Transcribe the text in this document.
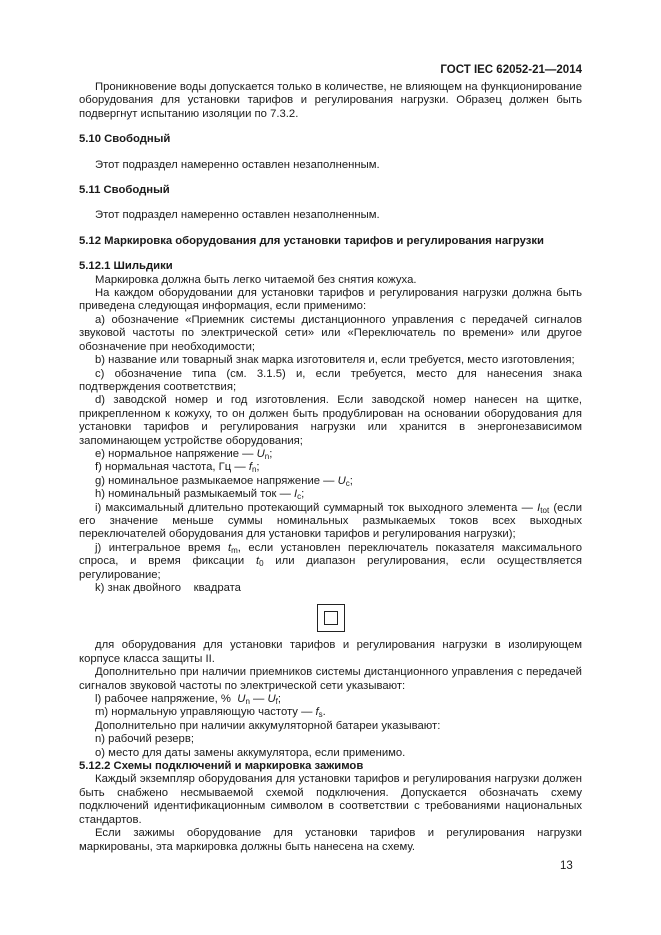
ГОСТ IEC 62052-21—2014

Проникновение воды допускается только в количестве, не влияющем на функционирование оборудования для установки тарифов и регулирования нагрузки. Образец должен быть подвергнут испытанию изоляции по 7.3.2.

5.10 Свободный

Этот подраздел намеренно оставлен незаполненным.

5.11 Свободный

Этот подраздел намеренно оставлен незаполненным.

5.12 Маркировка оборудования для установки тарифов и регулирования нагрузки

5.12.1 Шильдики

Маркировка должна быть легко читаемой без снятия кожуха.

На каждом оборудовании для установки тарифов и регулирования нагрузки должна быть приведена следующая информация, если применимо:

а) обозначение «Приемник системы дистанционного управления с передачей сигналов звуковой частоты по электрической сети» или «Переключатель по времени» или другое обозначение при необходимости;

b) название или товарный знак марка изготовителя и, если требуется, место изготовления;

c) обозначение типа (см. 3.1.5) и, если требуется, место для нанесения знака подтверждения соответствия;

d) заводской номер и год изготовления. Если заводской номер нанесен на щитке, прикрепленном к кожуху, то он должен быть продублирован на основании оборудования для установки тарифов и регулирования нагрузки или хранится в энергонезависимом запоминающем устройстве оборудования;

е) нормальное напряжение — $U_n$;

f) нормальная частота, Гц — $f_n$;

g) номинальное размыкаемое напряжение — $U_c$;

h) номинальный размыкаемый ток — $I_c$;

i) максимальный длительно протекающий суммарный ток выходного элемента — $I_{tot}$ (если его значение меньше суммы номинальных размыкаемых токов всех выходных переключателей оборудования для установки тарифов и регулирования нагрузки);

j) интегральное время $t_m$, если установлен переключатель показателя максимального спроса, и время фиксации $t_0$ или диапазон регулирования, если осуществляется регулирование;

k) знак двойного    квадрата

для оборудования для установки тарифов и регулирования нагрузки в изолирующем корпусе класса защиты II.

Дополнительно при наличии приемников системы дистанционного управления с передачей сигналов звуковой частоты по электрической сети указывают:

l) рабочее напряжение, %  $U_n$ — $U_f$;

m) нормальную управляющую частоту — $f_s$.

Дополнительно при наличии аккумуляторной батареи указывают:

n) рабочий резерв;

о) место для даты замены аккумулятора, если применимо.

5.12.2 Схемы подключений и маркировка зажимов

Каждый экземпляр оборудования для установки тарифов и регулирования нагрузки должен быть снабжено несмываемой схемой подключения. Допускается обозначать схему подключений идентификационным символом в соответствии с требованиями национальных стандартов.

Если зажимы оборудование для установки тарифов и регулирования нагрузки маркированы, эта маркировка должны быть нанесена на схему.

13
